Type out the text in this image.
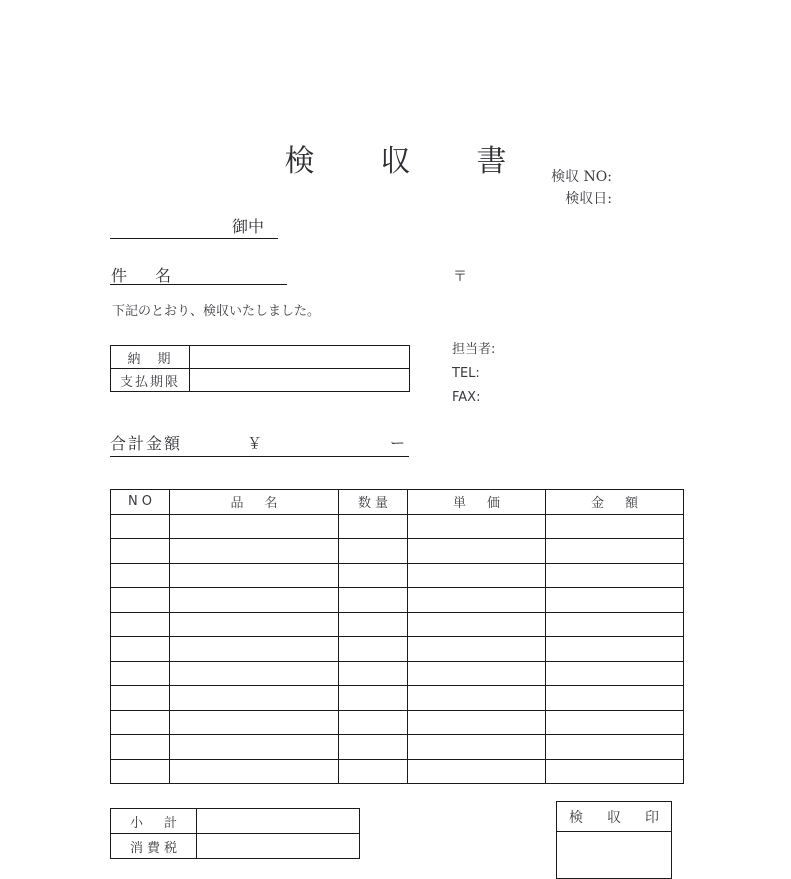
検　収　書	検収 NO:
検収日:
御中
件　名	〒
下記のとおり、検収いたしました。
担当者:
TEL:
FAX:
納　期	
支払期限	
合計金額	￥	ー
NO	品　名	数量	単　価	金　額

小　計	
消費税	
検　収　印
